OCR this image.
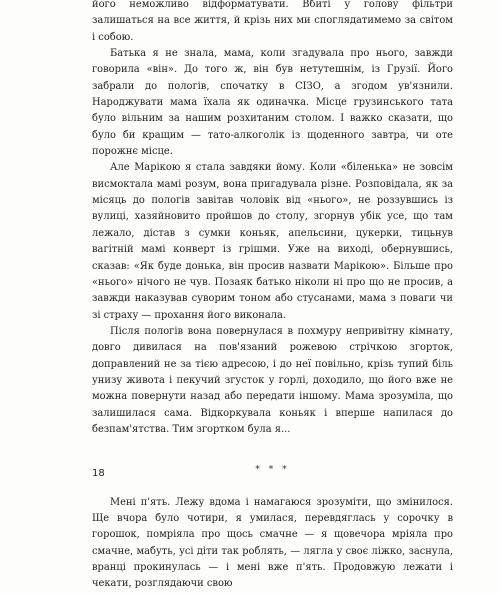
його неможливо відформатувати. Вбиті у голову фільтри залишаться на все життя, й крізь них ми споглядатимемо за світом і собою.

Батька я не знала, мама, коли згадувала про нього, завжди говорила «він». До того ж, він був нетутешнім, із Грузії. Його забрали до пологів, спочатку в СІЗО, а згодом ув'язнили. Народжувати мама їхала як одиначка. Місце грузинського тата було вільним за нашим розхитаним столом. І важко сказати, що було би кращим — тато-алкоголік із щоденного завтра, чи оте порожнє місце.

Але Марікою я стала завдяки йому. Коли «біленька» не зовсім висмоктала мамі розум, вона пригадувала різне. Розповідала, як за місяць до пологів завітав чоловік від «нього», не роззувшись із вулиці, хазяйновито пройшов до столу, згорнув убік усе, що там лежало, дістав з сумки коньяк, апельсини, цукерки, тицьнув вагітній мамі конверт із грішми. Уже на виході, обернувшись, сказав: «Як буде донька, він просив назвати Марікою». Більше про «нього» нічого не чув. Позаяк батько ніколи ні про що не просив, а завжди наказував суворим тоном або стусанами, мама з поваги чи зі страху — прохання його виконала.

Після пологів вона повернулася в похмуру непривітну кімнату, довго дивилася на пов'язаний рожевою стрічкою згорток, доправлений не за тією адресою, і до неї повільно, крізь тупий біль унизу живота і пекучий згусток у горлі, доходило, що його вже не можна повернути назад або передати іншому. Мама зрозуміла, що залишилася сама. Відкоркувала коньяк і вперше напилася до безпам'ятства. Тим згортком була я...

* * *

Мені п'ять. Лежу вдома і намагаюся зрозуміти, що змінилося. Ще вчора було чотири, я умилася, перевдяглась у сорочку в горошок, помріяла про щось смачне — я щовечора мріяла про смачне, мабуть, усі діти так роблять, — лягла у своє ліжко, заснула, вранці прокинулась — і мені вже п'ять. Продовжую лежати і чекати, розглядаючи свою

18
